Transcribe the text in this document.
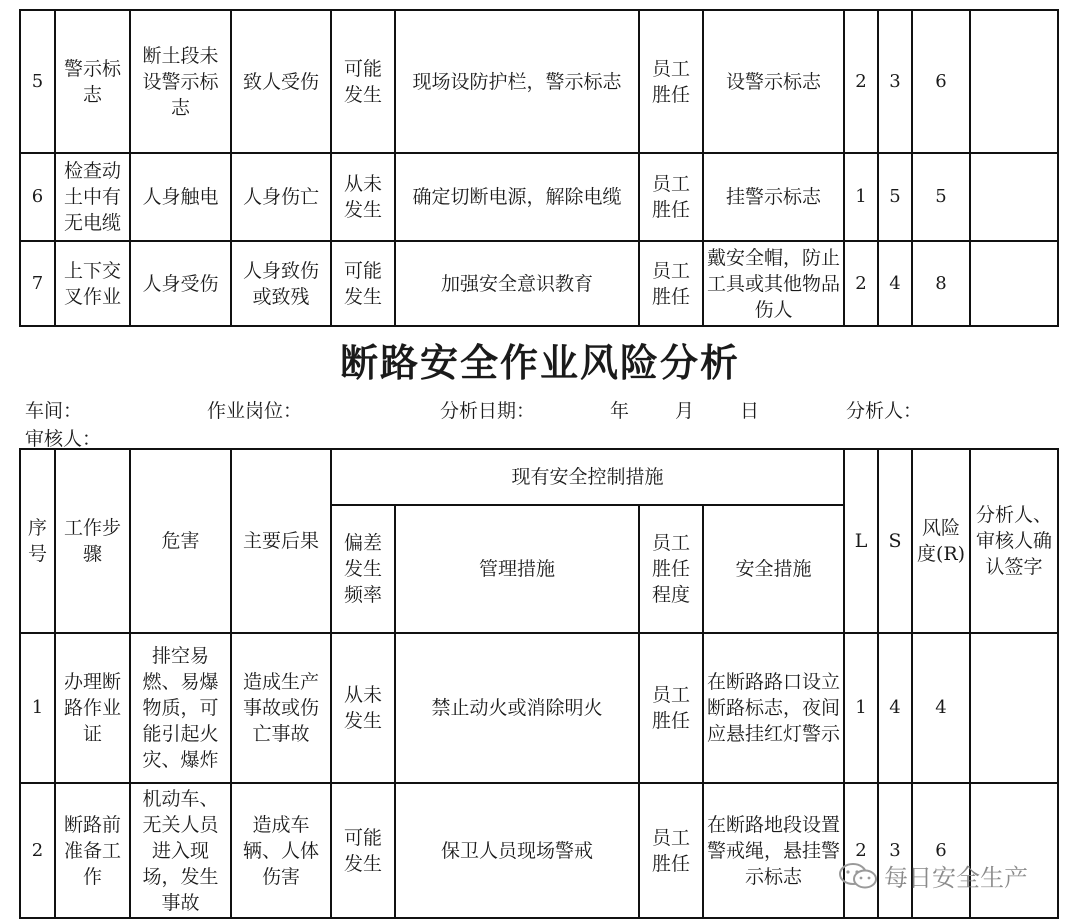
5	警示标志	断土段未设警示标志	致人受伤	可能发生	现场设防护栏，警示标志	员工胜任	设警示标志	2	3	6	
6	检查动土中有无电缆	人身触电	人身伤亡	从未发生	确定切断电源，解除电缆	员工胜任	挂警示标志	1	5	5	
7	上下交叉作业	人身受伤	人身致伤或致残	可能发生	加强安全意识教育	员工胜任	戴安全帽，防止工具或其他物品伤人	2	4	8	
断路安全作业风险分析
车间：	作业岗位：	分析日期：	年 月 日	分析人：
审核人：
序号	工作步骤	危害	主要后果	现有安全控制措施				L	S	风险度(R)	分析人、审核人确认签字
				偏差发生频率	管理措施	员工胜任程度	安全措施				
1	办理断路作业证	排空易燃、易爆物质，可能引起火灾、爆炸	造成生产事故或伤亡事故	从未发生	禁止动火或消除明火	员工胜任	在断路路口设立断路标志，夜间应悬挂红灯警示	1	4	4	
2	断路前准备工作	机动车、无关人员进入现场，发生事故	造成车辆、人体伤害	可能发生	保卫人员现场警戒	员工胜任	在断路地段设置警戒绳，悬挂警示标志	2	3	6	
每日安全生产
